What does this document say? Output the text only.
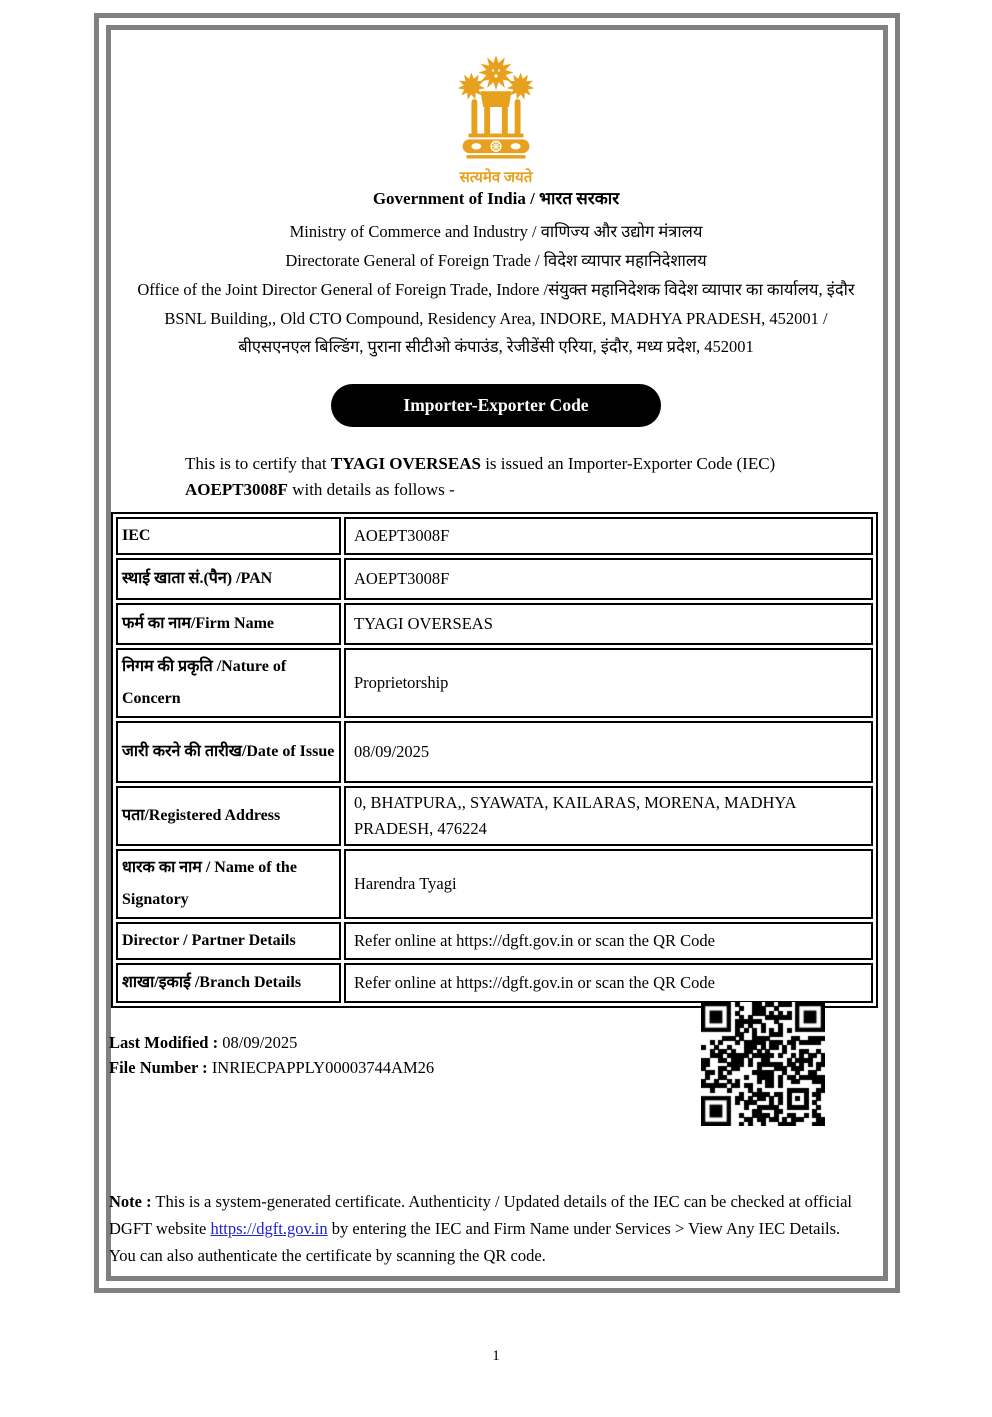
सत्यमेव जयते
Government of India / भारत सरकार
Ministry of Commerce and Industry / वाणिज्य और उद्योग मंत्रालय
Directorate General of Foreign Trade / विदेश व्यापार महानिदेशालय
Office of the Joint Director General of Foreign Trade, Indore /संयुक्त महानिदेशक विदेश व्यापार का कार्यालय, इंदौर
BSNL Building,, Old CTO Compound, Residency Area, INDORE, MADHYA PRADESH, 452001 /
बीएसएनएल बिल्डिंग, पुराना सीटीओ कंपाउंड, रेजीडेंसी एरिया, इंदौर, मध्य प्रदेश, 452001
Importer-Exporter Code
This is to certify that TYAGI OVERSEAS is issued an Importer-Exporter Code (IEC) AOEPT3008F with details as follows -
IEC	AOEPT3008F
स्थाई खाता सं.(पैन) /PAN	AOEPT3008F
फर्म का नाम/Firm Name	TYAGI OVERSEAS
निगम की प्रकृति /Nature of Concern	Proprietorship
जारी करने की तारीख/Date of Issue	08/09/2025
पता/Registered Address	0, BHATPURA,, SYAWATA, KAILARAS, MORENA, MADHYA PRADESH, 476224
धारक का नाम / Name of the Signatory	Harendra Tyagi
Director / Partner Details	Refer online at https://dgft.gov.in or scan the QR Code
शाखा/इकाई /Branch Details	Refer online at https://dgft.gov.in or scan the QR Code
Last Modified : 08/09/2025
File Number : INRIECPAPPLY00003744AM26
Note : This is a system-generated certificate. Authenticity / Updated details of the IEC can be checked at official DGFT website https://dgft.gov.in by entering the IEC and Firm Name under Services > View Any IEC Details. You can also authenticate the certificate by scanning the QR code.
1
